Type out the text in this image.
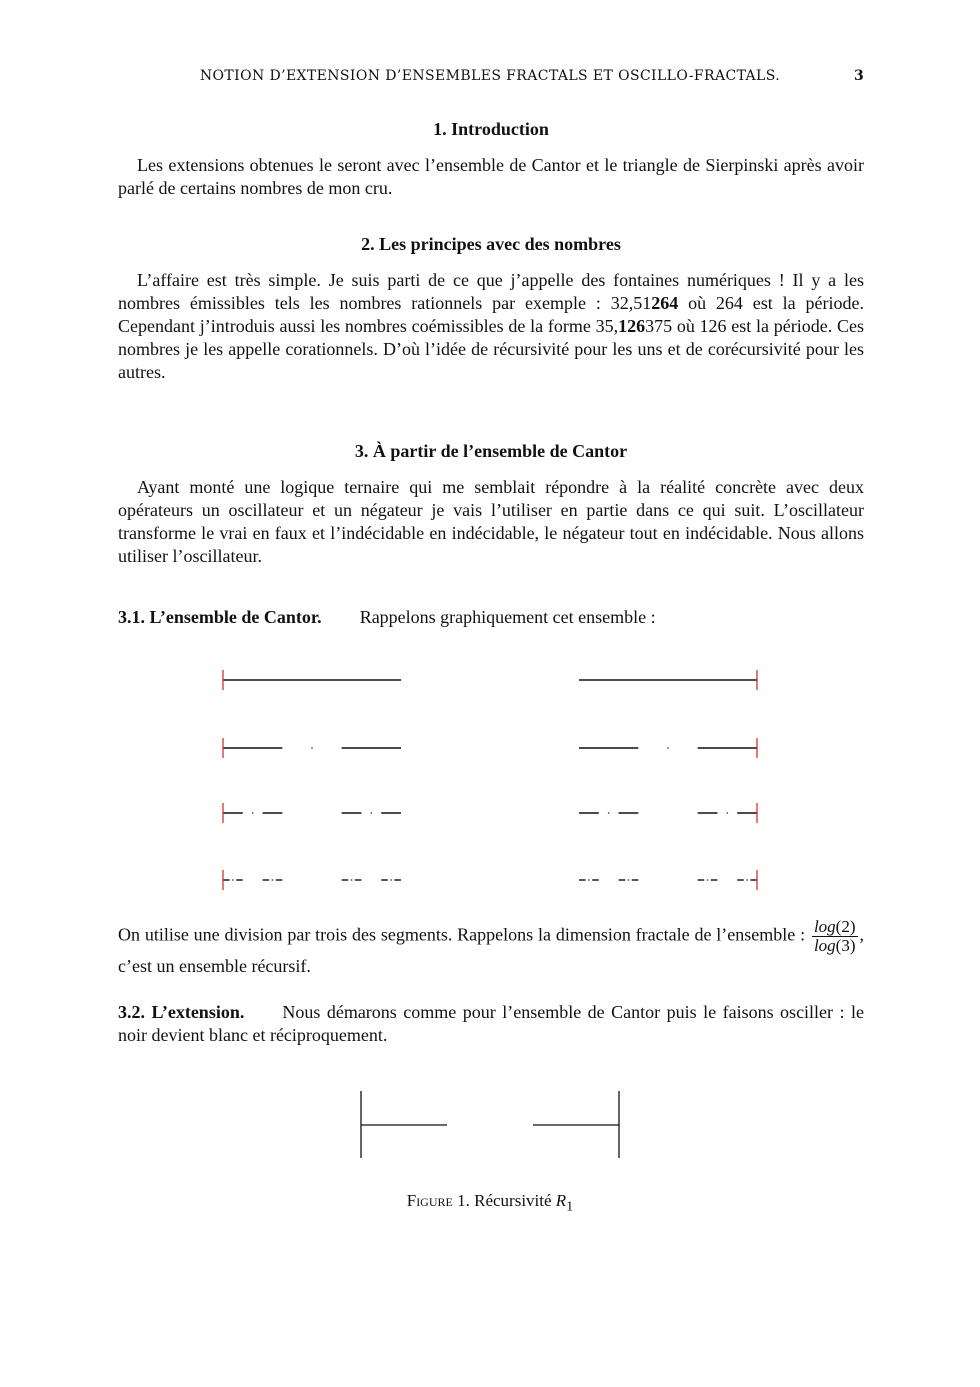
NOTION D’EXTENSION D’ENSEMBLES FRACTALS ET OSCILLO-FRACTALS.	3
1. Introduction
Les extensions obtenues le seront avec l’ensemble de Cantor et le triangle de Sierpinski après avoir parlé de certains nombres de mon cru.
2. Les principes avec des nombres
L’affaire est très simple. Je suis parti de ce que j’appelle des fontaines numériques ! Il y a les nombres émissibles tels les nombres rationnels par exemple : 32,51264 où 264 est la période. Cependant j’introduis aussi les nombres coémissibles de la forme 35,126375 où 126 est la période. Ces nombres je les appelle corationnels. D’où l’idée de récursivité pour les uns et de corécursivité pour les autres.
3. À partir de l’ensemble de Cantor
Ayant monté une logique ternaire qui me semblait répondre à la réalité concrète avec deux opérateurs un oscillateur et un négateur je vais l’utiliser en partie dans ce qui suit. L’oscillateur transforme le vrai en faux et l’indécidable en indécidable, le négateur tout en indécidable. Nous allons utiliser l’oscillateur.
3.1. L’ensemble de Cantor. Rappelons graphiquement cet ensemble :
On utilise une division par trois des segments. Rappelons la dimension fractale de l’ensemble : $\frac{\log(2)}{\log(3)}$ , c’est un ensemble récursif.
3.2. L’extension. Nous démarons comme pour l’ensemble de Cantor puis le faisons osciller : le noir devient blanc et réciproquement.
Figure 1. Récursivité $R_1$
